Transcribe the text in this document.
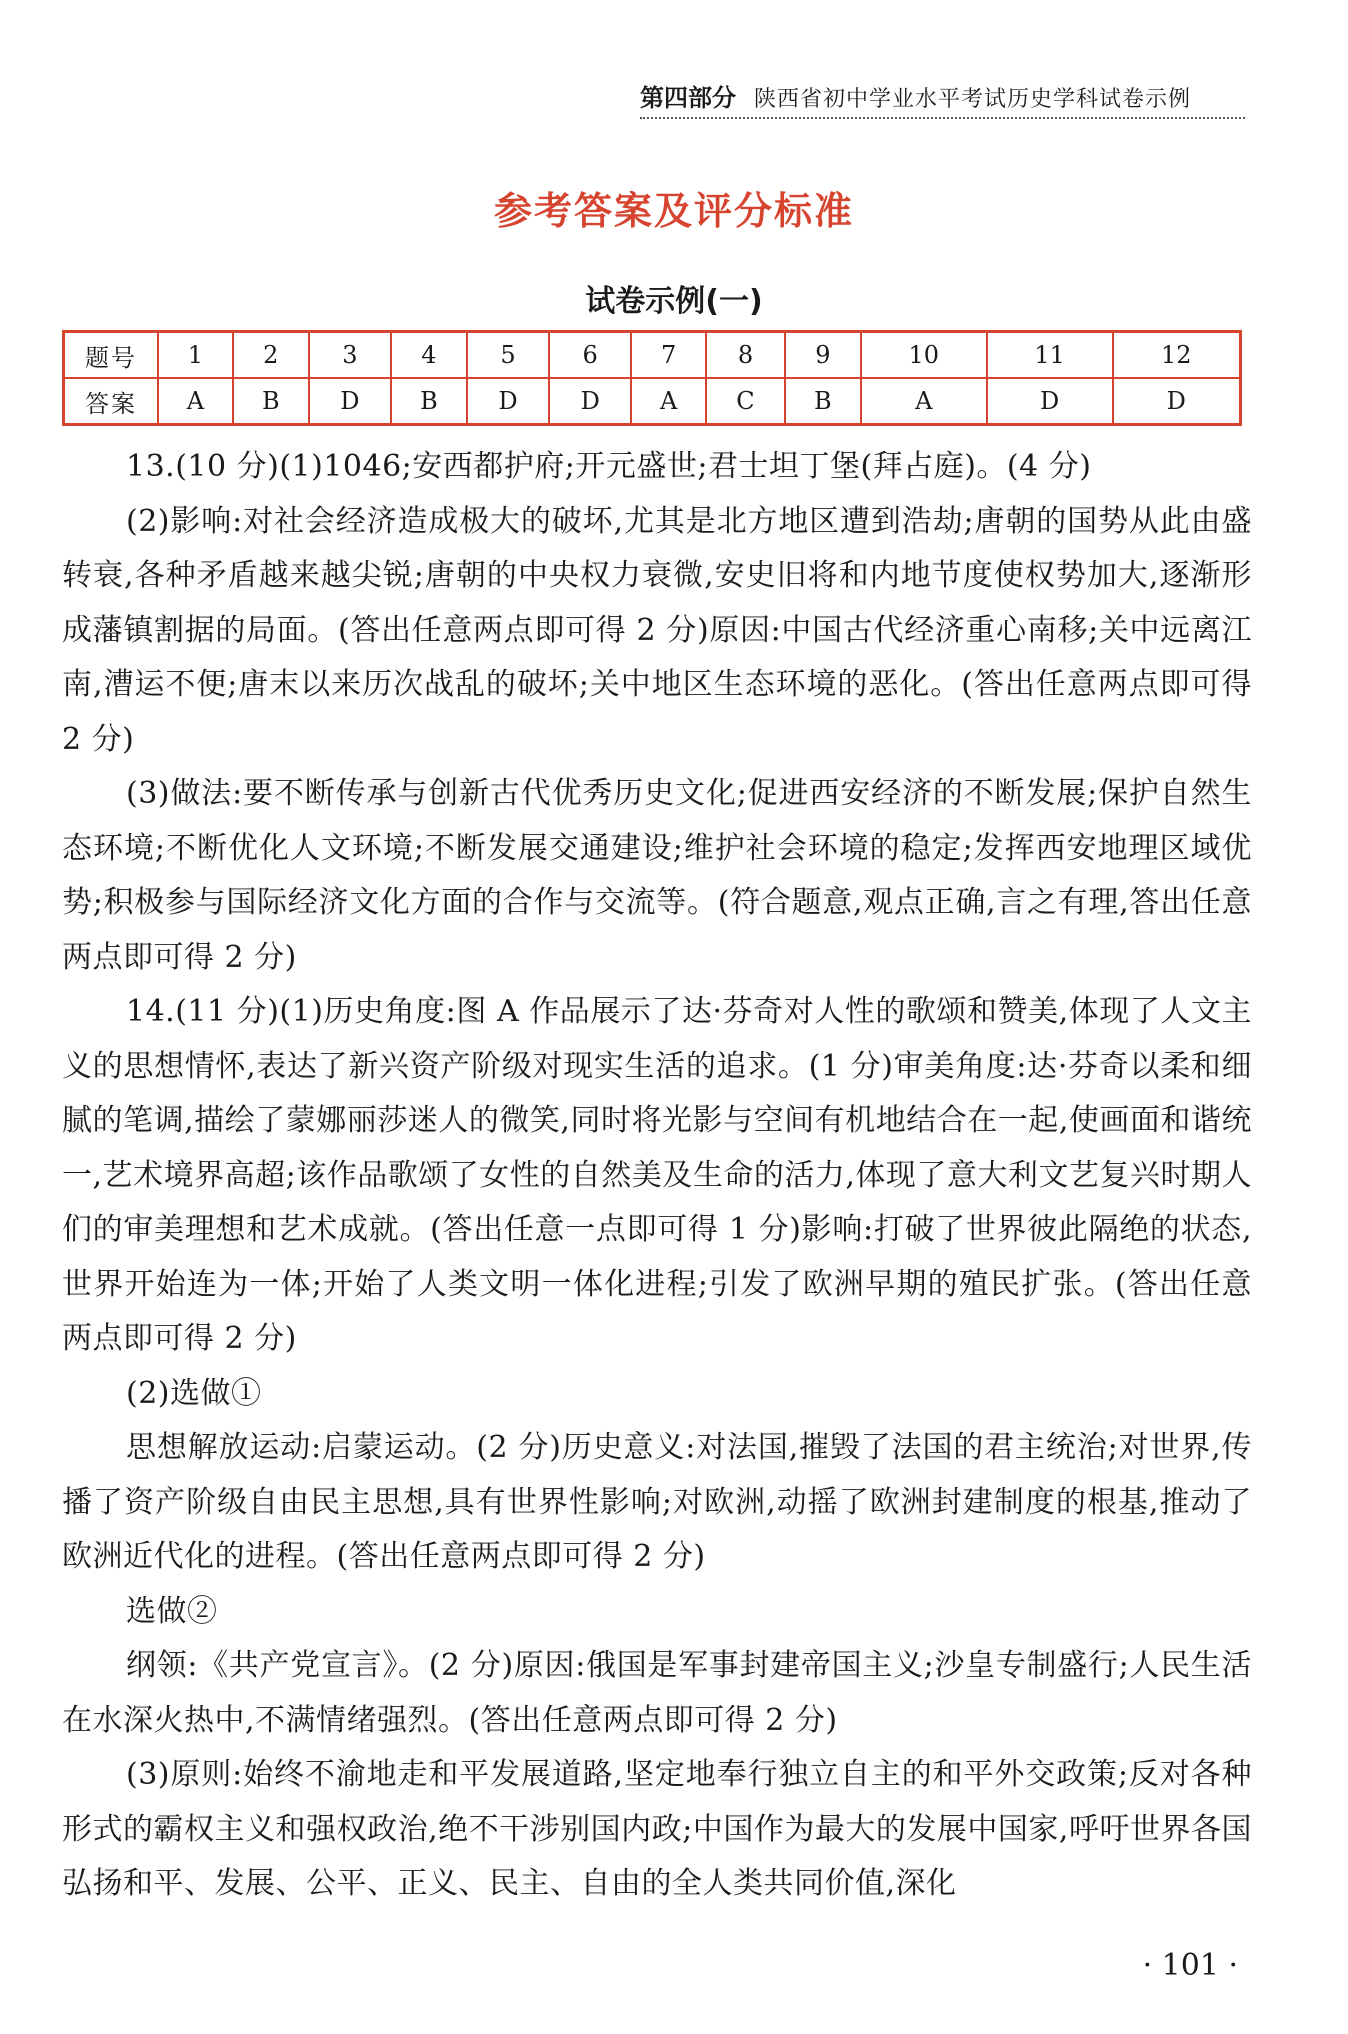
第四部分 陕西省初中学业水平考试历史学科试卷示例
参考答案及评分标准
试卷示例(一)
题号	1	2	3	4	5	6	7	8	9	10	11	12
答案	A	B	D	B	D	D	A	C	B	A	D	D

13.(10 分)(1)1046;安西都护府;开元盛世;君士坦丁堡(拜占庭)。(4 分)

(2)影响:对社会经济造成极大的破坏,尤其是北方地区遭到浩劫;唐朝的国势从此由盛转衰,各种矛盾越来越尖锐;唐朝的中央权力衰微,安史旧将和内地节度使权势加大,逐渐形成藩镇割据的局面。(答出任意两点即可得 2 分)原因:中国古代经济重心南移;关中远离江南,漕运不便;唐末以来历次战乱的破坏;关中地区生态环境的恶化。(答出任意两点即可得 2 分)

(3)做法:要不断传承与创新古代优秀历史文化;促进西安经济的不断发展;保护自然生态环境;不断优化人文环境;不断发展交通建设;维护社会环境的稳定;发挥西安地理区域优势;积极参与国际经济文化方面的合作与交流等。(符合题意,观点正确,言之有理,答出任意两点即可得 2 分)

14.(11 分)(1)历史角度:图 A 作品展示了达·芬奇对人性的歌颂和赞美,体现了人文主义的思想情怀,表达了新兴资产阶级对现实生活的追求。(1 分)审美角度:达·芬奇以柔和细腻的笔调,描绘了蒙娜丽莎迷人的微笑,同时将光影与空间有机地结合在一起,使画面和谐统一,艺术境界高超;该作品歌颂了女性的自然美及生命的活力,体现了意大利文艺复兴时期人们的审美理想和艺术成就。(答出任意一点即可得 1 分)影响:打破了世界彼此隔绝的状态,世界开始连为一体;开始了人类文明一体化进程;引发了欧洲早期的殖民扩张。(答出任意两点即可得 2 分)

(2)选做①

思想解放运动:启蒙运动。(2 分)历史意义:对法国,摧毁了法国的君主统治;对世界,传播了资产阶级自由民主思想,具有世界性影响;对欧洲,动摇了欧洲封建制度的根基,推动了欧洲近代化的进程。(答出任意两点即可得 2 分)

选做②

纲领:《共产党宣言》。(2 分)原因:俄国是军事封建帝国主义;沙皇专制盛行;人民生活在水深火热中,不满情绪强烈。(答出任意两点即可得 2 分)

(3)原则:始终不渝地走和平发展道路,坚定地奉行独立自主的和平外交政策;反对各种形式的霸权主义和强权政治,绝不干涉别国内政;中国作为最大的发展中国家,呼吁世界各国弘扬和平、发展、公平、正义、民主、自由的全人类共同价值,深化

· 101 ·
